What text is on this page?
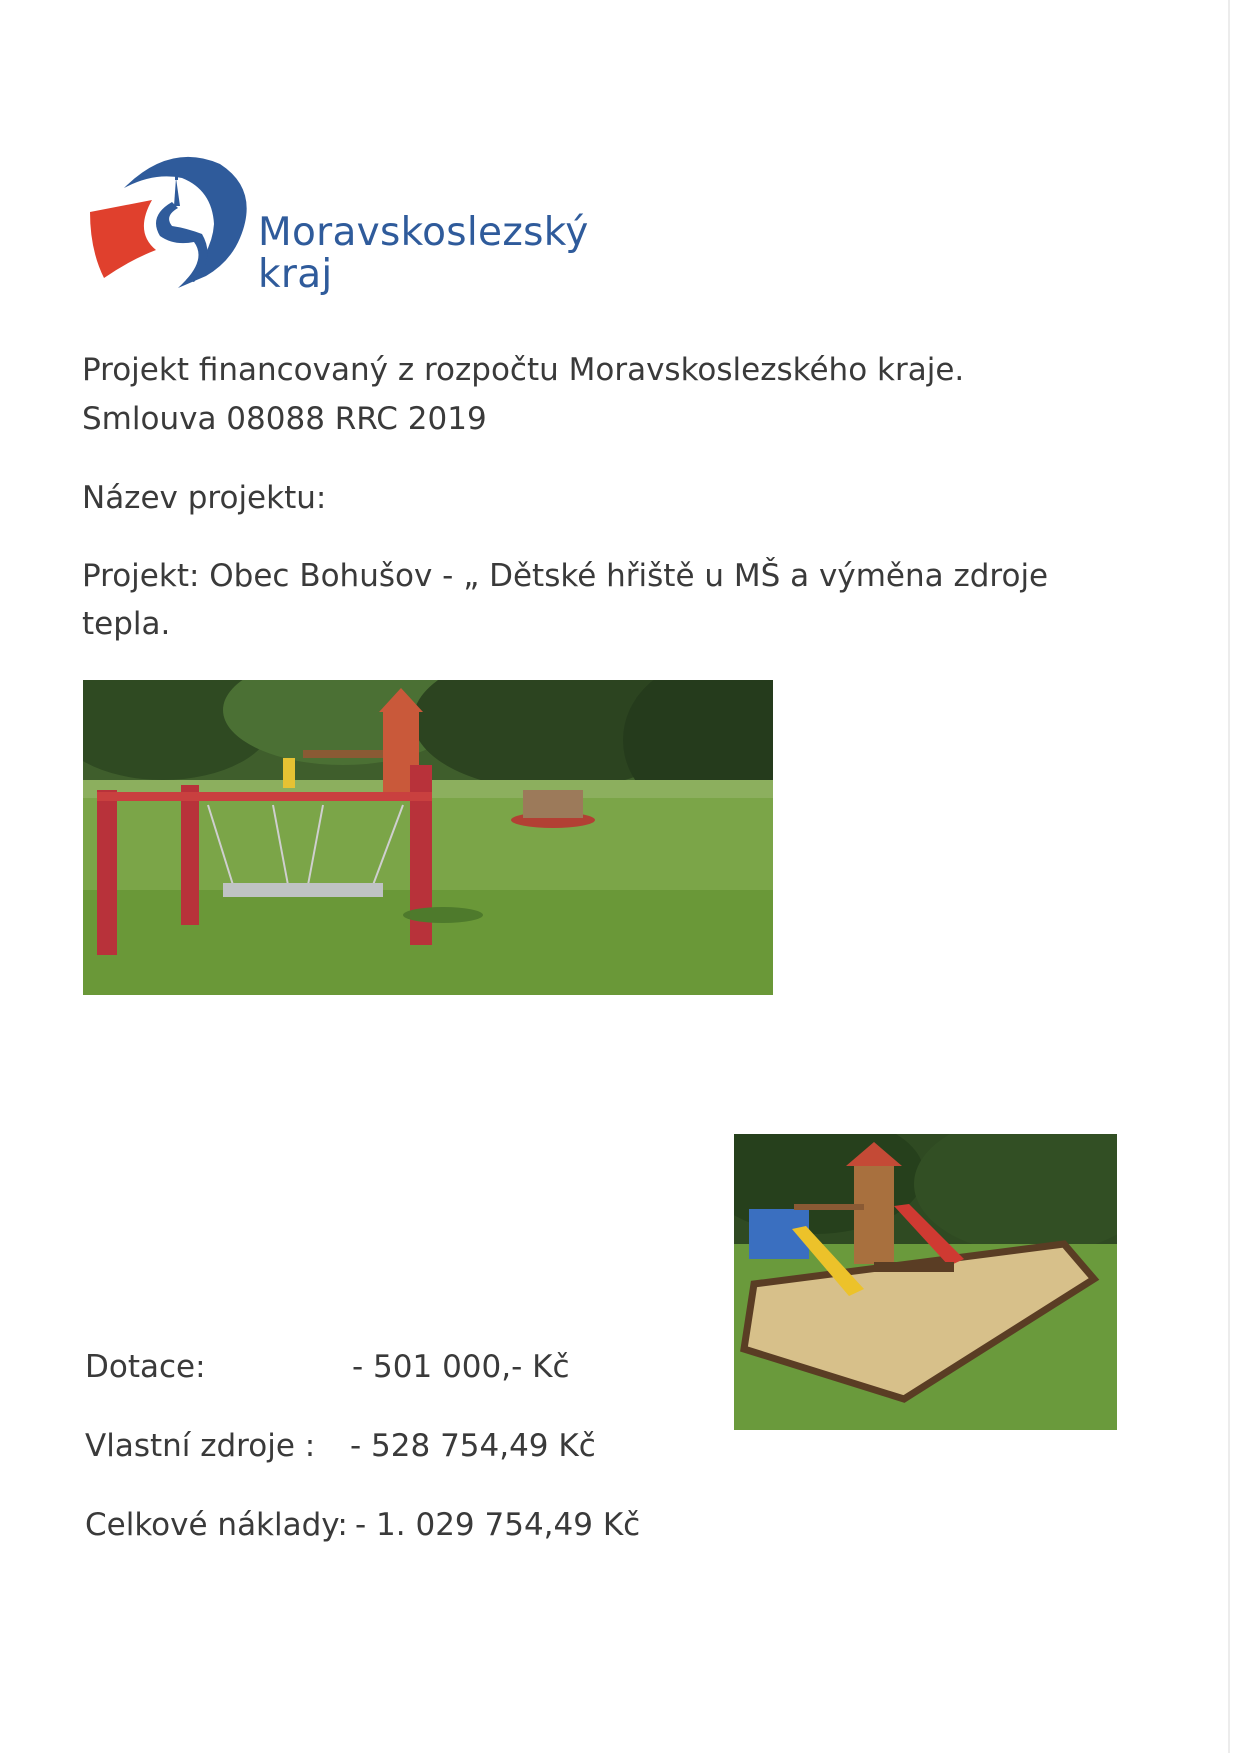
Moravskoslezský
kraj
Projekt financovaný z rozpočtu Moravskoslezského kraje.
Smlouva 08088 RRC 2019
Název projektu:
Projekt: Obec Bohušov - „ Dětské hřiště u MŠ a výměna zdroje
tepla.
Dotace:	- 501 000,- Kč
Vlastní zdroje : - 528 754,49 Kč
Celkové náklady: - 1. 029 754,49 Kč
